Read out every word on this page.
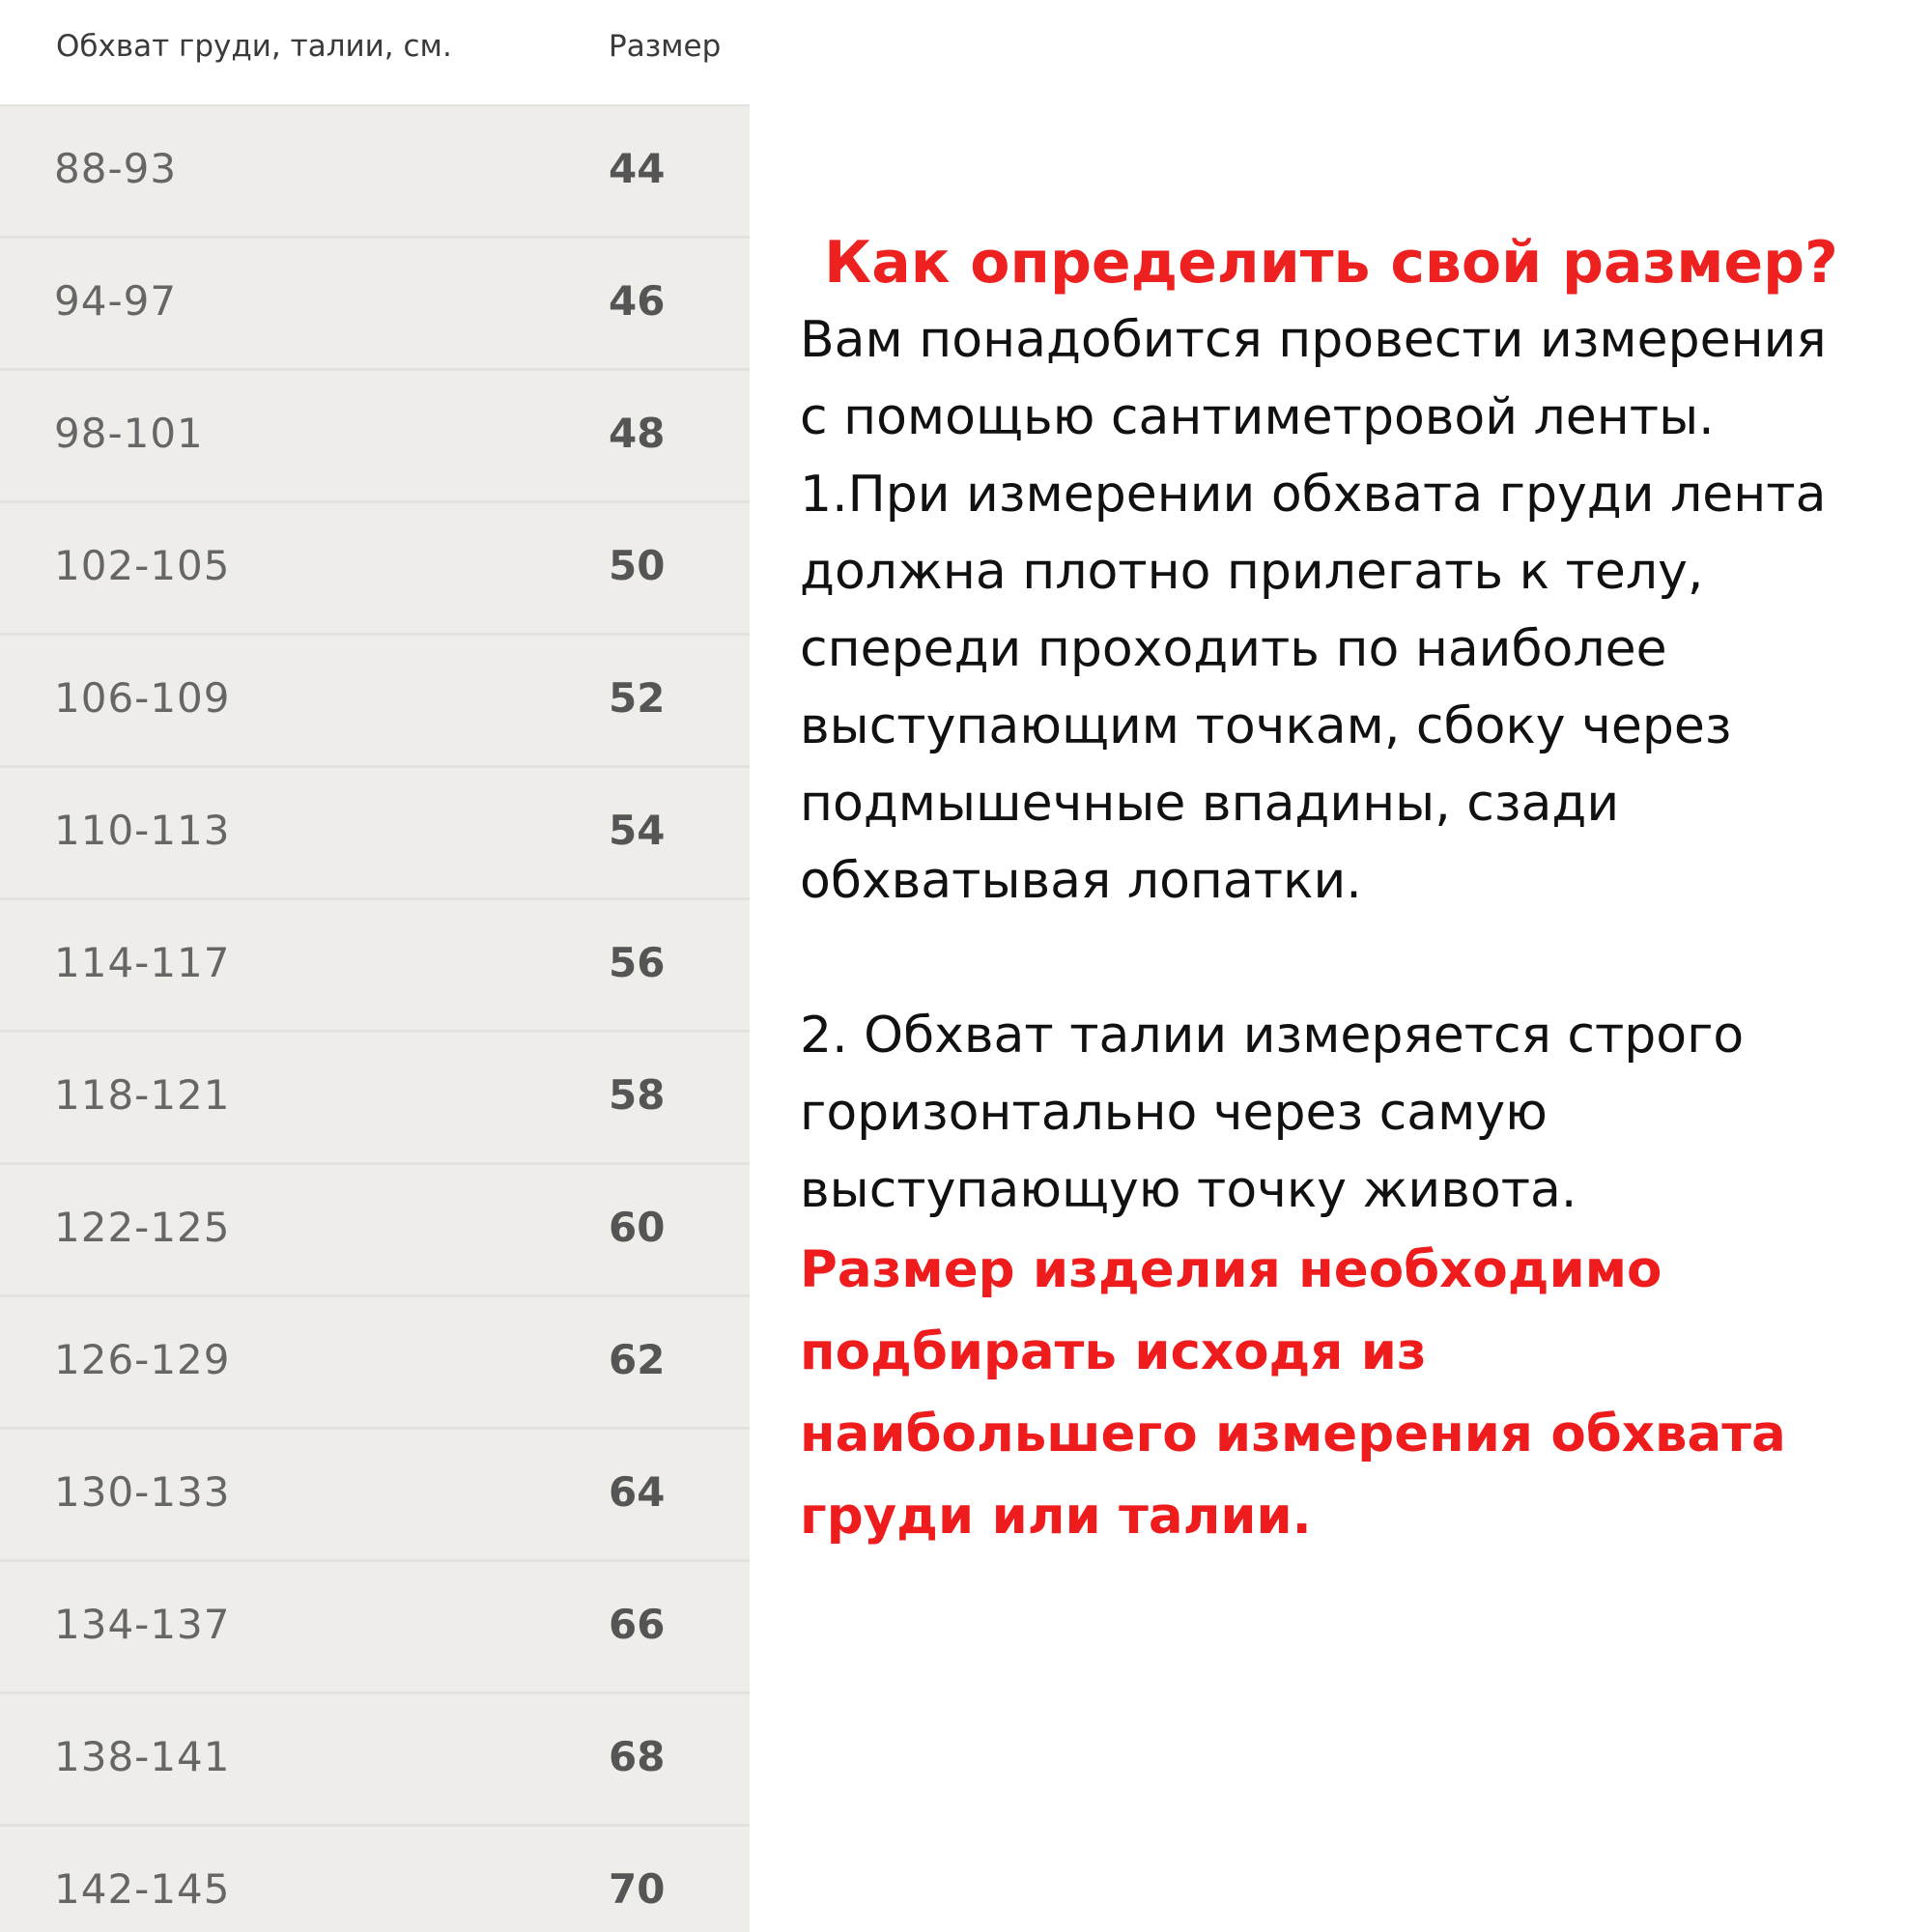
Обхват груди, талии, см.	Размер
88-93	44
94-97	46
98-101	48
102-105	50
106-109	52
110-113	54
114-117	56
118-121	58
122-125	60
126-129	62
130-133	64
134-137	66
138-141	68
142-145	70
Как определить свой размер?
Вам понадобится провести измерения
с помощью сантиметровой ленты.
1.При измерении обхвата груди лента
должна плотно прилегать к телу,
спереди проходить по наиболее
выступающим точкам, сбоку через
подмышечные впадины, сзади
обхватывая лопатки.

2. Обхват талии измеряется строго
горизонтально через самую
выступающую точку живота.
Размер изделия необходимо
подбирать исходя из
наибольшего измерения обхвата
груди или талии.
